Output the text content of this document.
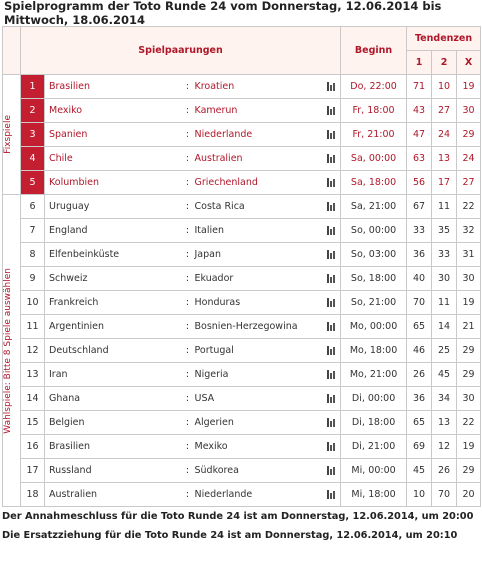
Spielprogramm der Toto Runde 24 vom Donnerstag, 12.06.2014 bis Mittwoch, 18.06.2014
	Spielpaarungen					Beginn	Tendenzen		
							1	2	X

Fixspiele	1	Brasilien	:	Kroatien		Do, 22:00	71	10	19
	2	Mexiko	:	Kamerun		Fr, 18:00	43	27	30
	3	Spanien	:	Niederlande		Fr, 21:00	47	24	29
	4	Chile	:	Australien		Sa, 00:00	63	13	24
	5	Kolumbien	:	Griechenland		Sa, 18:00	56	17	27

Wahlspiele: Bitte 8 Spiele auswählen	6	Uruguay	:	Costa Rica		Sa, 21:00	67	11	22
	7	England	:	Italien		So, 00:00	33	35	32
	8	Elfenbeinküste	:	Japan		So, 03:00	36	33	31
	9	Schweiz	:	Ekuador		So, 18:00	40	30	30
	10	Frankreich	:	Honduras		So, 21:00	70	11	19
	11	Argentinien	:	Bosnien-Herzegowina		Mo, 00:00	65	14	21
	12	Deutschland	:	Portugal		Mo, 18:00	46	25	29
	13	Iran	:	Nigeria		Mo, 21:00	26	45	29
	14	Ghana	:	USA		Di, 00:00	36	34	30
	15	Belgien	:	Algerien		Di, 18:00	65	13	22
	16	Brasilien	:	Mexiko		Di, 21:00	69	12	19
	17	Russland	:	Südkorea		Mi, 00:00	45	26	29
	18	Australien	:	Niederlande		Mi, 18:00	10	70	20
Der Annahmeschluss für die Toto Runde 24 ist am Donnerstag, 12.06.2014, um 20:00
Die Ersatzziehung für die Toto Runde 24 ist am Donnerstag, 12.06.2014, um 20:10
